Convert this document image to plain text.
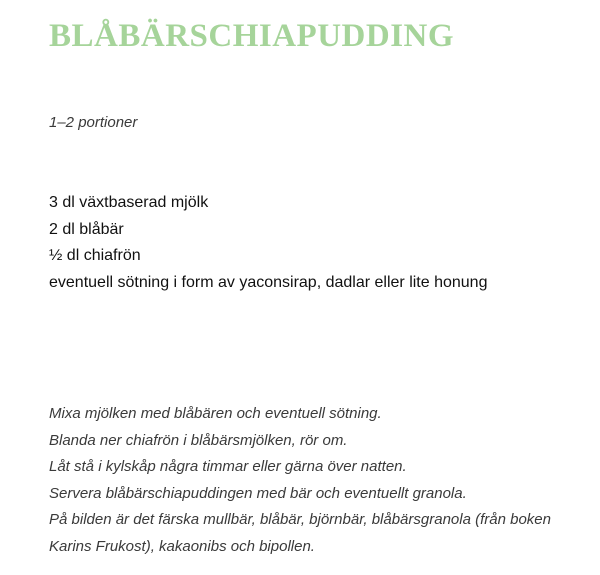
BLÅBÄRSCHIAPUDDING

1–2 portioner

3 dl växtbaserad mjölk
2 dl blåbär
½ dl chiafrön
eventuell sötning i form av yaconsirap, dadlar eller lite honung

Mixa mjölken med blåbären och eventuell sötning.
Blanda ner chiafrön i blåbärsmjölken, rör om.
Låt stå i kylskåp några timmar eller gärna över natten.
Servera blåbärschiapuddingen med bär och eventuellt granola.
På bilden är det färska mullbär, blåbär, björnbär, blåbärsgranola (från boken
Karins Frukost), kakaonibs och bipollen.
